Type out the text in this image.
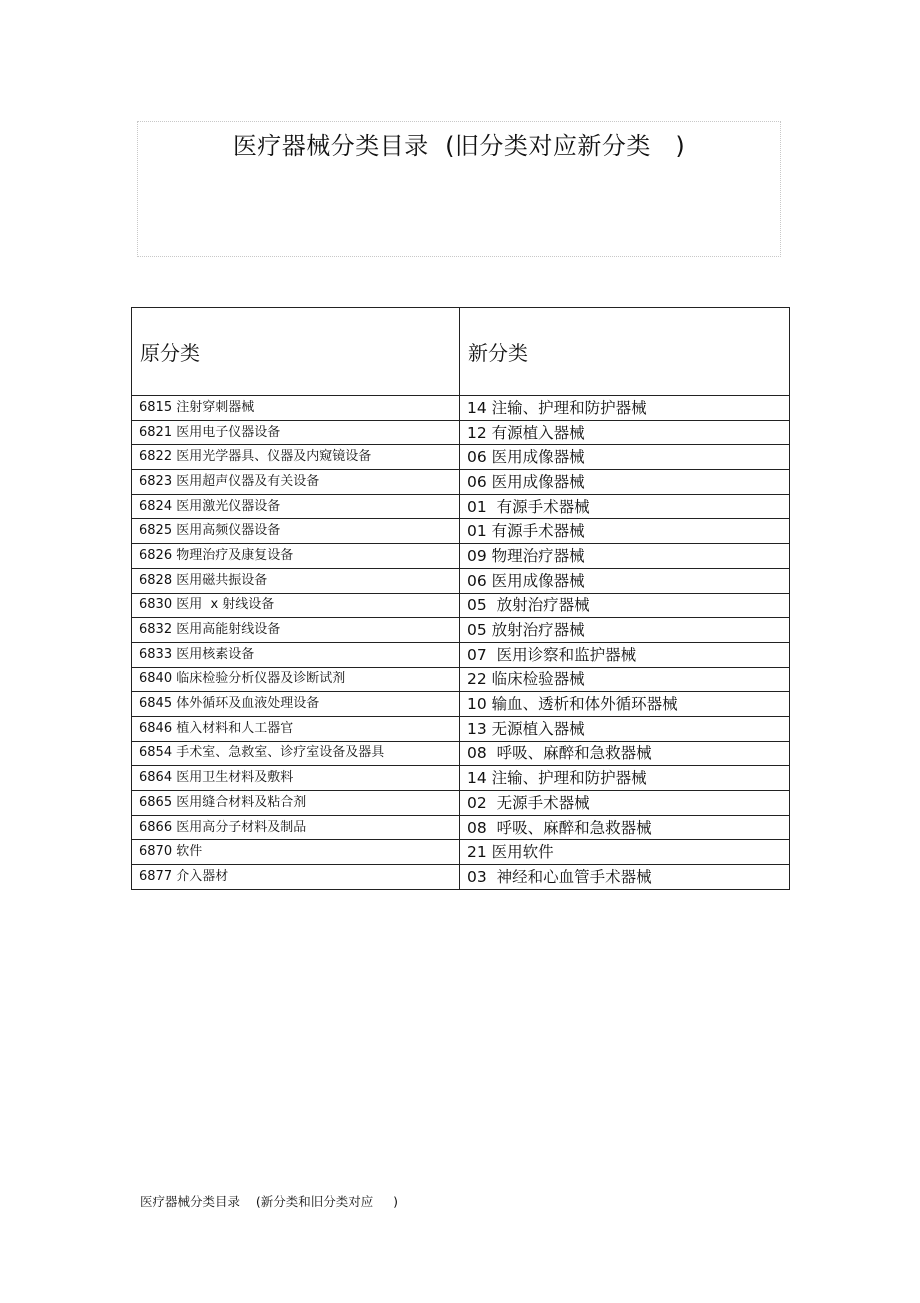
医疗器械分类目录  (旧分类对应新分类   )
原分类	新分类
6815 注射穿刺器械	14 注输、护理和防护器械
6821 医用电子仪器设备	12 有源植入器械
6822 医用光学器具、仪器及内窥镜设备	06 医用成像器械
6823 医用超声仪器及有关设备	06 医用成像器械
6824 医用激光仪器设备	01  有源手术器械
6825 医用高频仪器设备	01 有源手术器械
6826 物理治疗及康复设备	09 物理治疗器械
6828 医用磁共振设备	06 医用成像器械
6830 医用  x 射线设备	05  放射治疗器械
6832 医用高能射线设备	05 放射治疗器械
6833 医用核素设备	07  医用诊察和监护器械
6840 临床检验分析仪器及诊断试剂	22 临床检验器械
6845 体外循环及血液处理设备	10 输血、透析和体外循环器械
6846 植入材料和人工器官	13 无源植入器械
6854 手术室、急救室、诊疗室设备及器具	08  呼吸、麻醉和急救器械
6864 医用卫生材料及敷料	14 注输、护理和防护器械
6865 医用缝合材料及粘合剂	02  无源手术器械
6866 医用高分子材料及制品	08  呼吸、麻醉和急救器械
6870 软件	21 医用软件
6877 介入器材	03  神经和心血管手术器械
医疗器械分类目录    (新分类和旧分类对应     )
